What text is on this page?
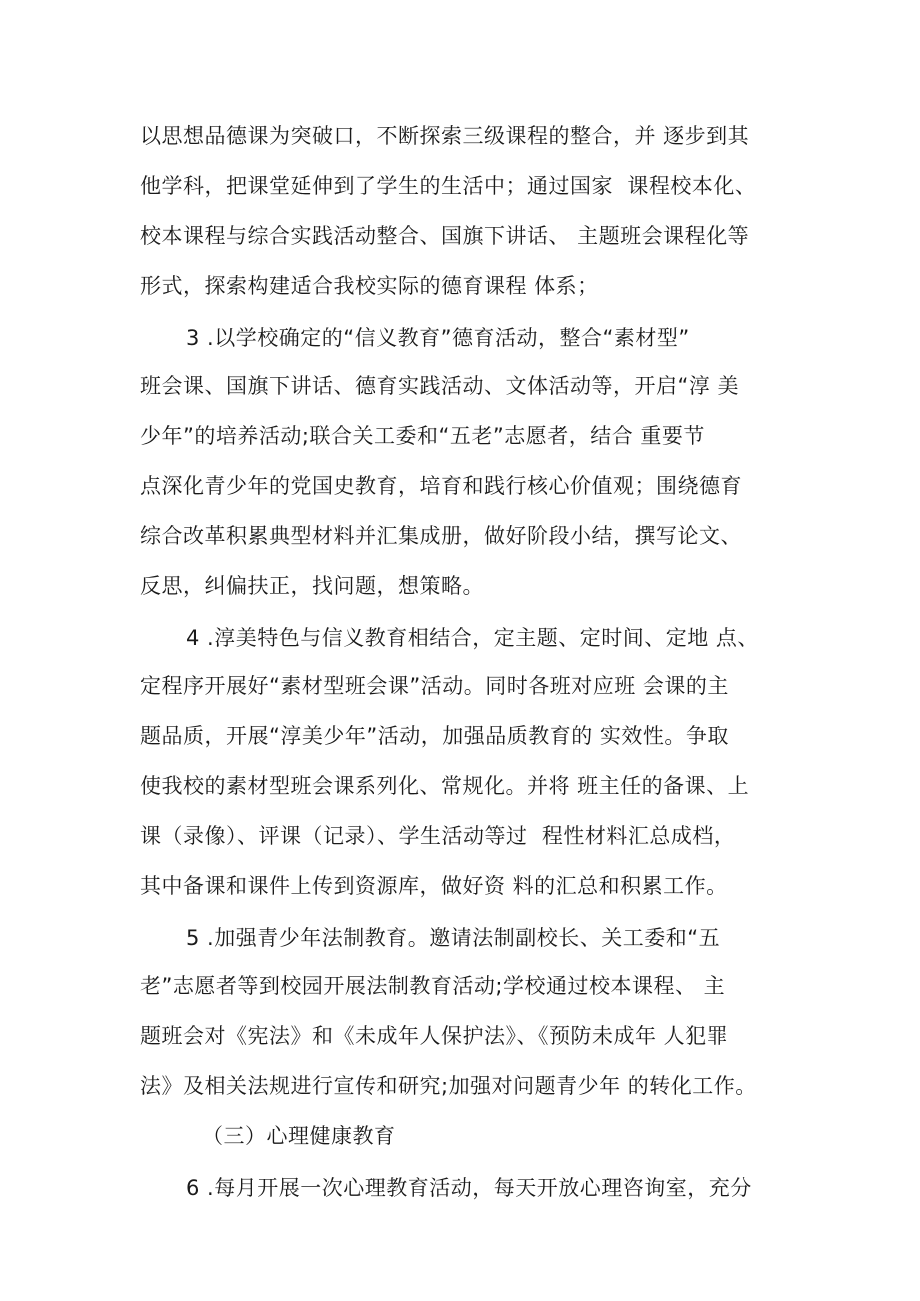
以思想品德课为突破口，不断探索三级课程的整合，并 逐步到其

他学科，把课堂延伸到了学生的生活中；通过国家  课程校本化、

校本课程与综合实践活动整合、国旗下讲话、 主题班会课程化等

形式，探索构建适合我校实际的德育课程 体系；

3 .以学校确定的“信义教育”德育活动，整合“素材型”

班会课、国旗下讲话、德育实践活动、文体活动等，开启“淳 美

少年”的培养活动;联合关工委和“五老”志愿者，结合 重要节

点深化青少年的党国史教育，培育和践行核心价值观；围绕德育

综合改革积累典型材料并汇集成册，做好阶段小结，撰写论文、

反思，纠偏扶正，找问题，想策略。

4 .淳美特色与信义教育相结合，定主题、定时间、定地 点、

定程序开展好“素材型班会课”活动。同时各班对应班 会课的主

题品质，开展“淳美少年”活动，加强品质教育的 实效性。争取

使我校的素材型班会课系列化、常规化。并将 班主任的备课、上

课（录像）、评课（记录）、学生活动等过  程性材料汇总成档，

其中备课和课件上传到资源库，做好资 料的汇总和积累工作。

5 .加强青少年法制教育。邀请法制副校长、关工委和“五

老”志愿者等到校园开展法制教育活动;学校通过校本课程、 主

题班会对《宪法》和《未成年人保护法》、《预防未成年 人犯罪

法》及相关法规进行宣传和研究;加强对问题青少年 的转化工作。

（三）心理健康教育

6 .每月开展一次心理教育活动，每天开放心理咨询室，充分
